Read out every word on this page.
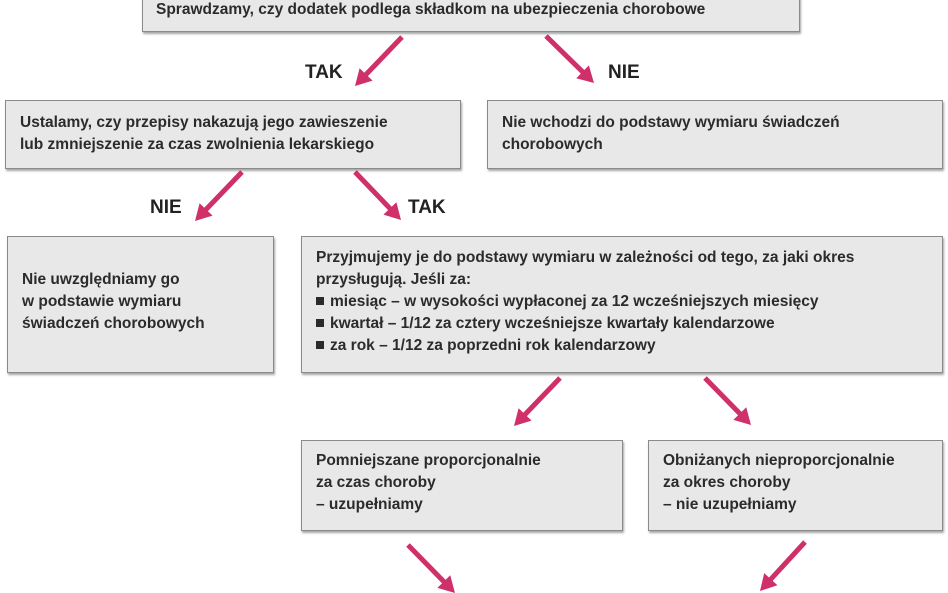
Sprawdzamy, czy dodatek podlega składkom na ubezpieczenia chorobowe
TAK	NIE
Ustalamy, czy przepisy nakazują jego zawieszenie
lub zmniejszenie za czas zwolnienia lekarskiego
Nie wchodzi do podstawy wymiaru świadczeń
chorobowych
NIE	TAK
Nie uwzględniamy go
w podstawie wymiaru
świadczeń chorobowych
Przyjmujemy je do podstawy wymiaru w zależności od tego, za jaki okres
przysługują. Jeśli za:
miesiąc – w wysokości wypłaconej za 12 wcześniejszych miesięcy
kwartał – 1/12 za cztery wcześniejsze kwartały kalendarzowe
za rok – 1/12 za poprzedni rok kalendarzowy
Pomniejszane proporcjonalnie
za czas choroby
– uzupełniamy
Obniżanych nieproporcjonalnie
za okres choroby
– nie uzupełniamy
